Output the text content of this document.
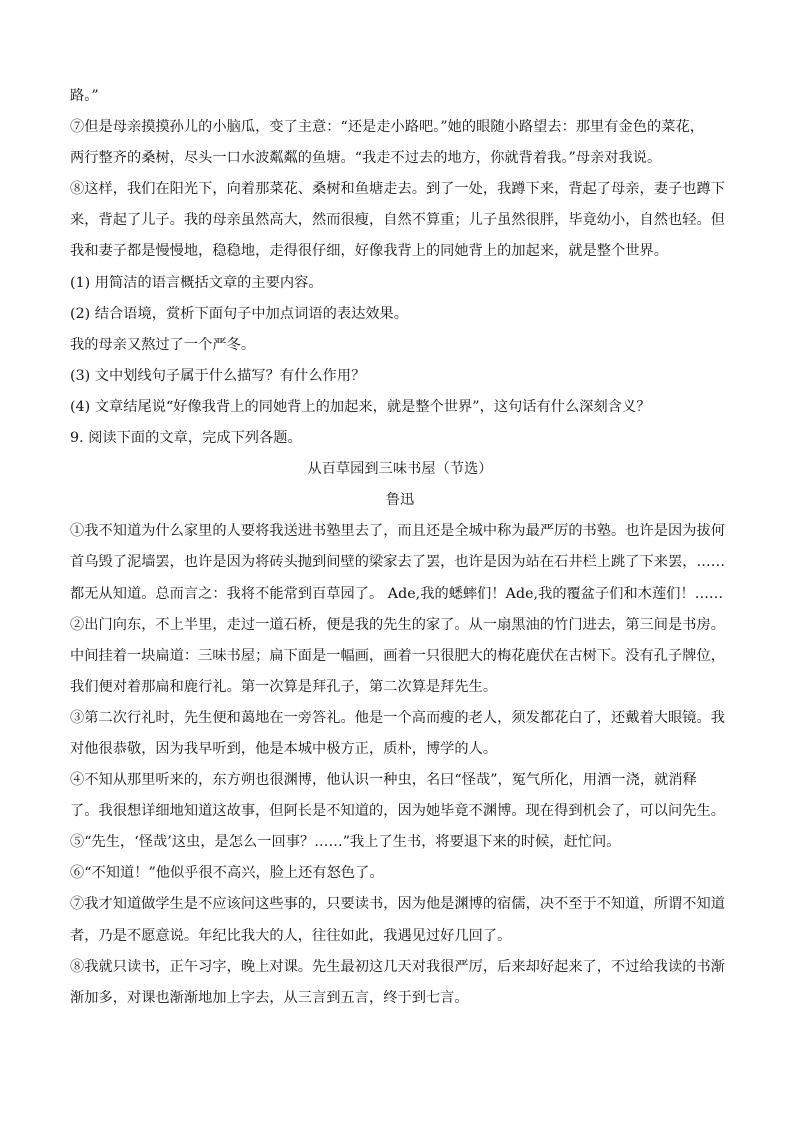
路。”
⑦但是母亲摸摸孙儿的小脑瓜，变了主意：“还是走小路吧。”她的眼随小路望去：那里有金色的菜花，
两行整齐的桑树，尽头一口水波粼粼的鱼塘。“我走不过去的地方，你就背着我。”母亲对我说。
⑧这样，我们在阳光下，向着那菜花、桑树和鱼塘走去。到了一处，我蹲下来，背起了母亲，妻子也蹲下
来，背起了儿子。我的母亲虽然高大，然而很瘦，自然不算重；儿子虽然很胖，毕竟幼小，自然也轻。但
我和妻子都是慢慢地，稳稳地，走得很仔细，好像我背上的同她背上的加起来，就是整个世界。
(1) 用简洁的语言概括文章的主要内容。
(2) 结合语境，赏析下面句子中加点词语的表达效果。
我的母亲又熬过了一个严冬。
(3) 文中划线句子属于什么描写？有什么作用？
(4) 文章结尾说“好像我背上的同她背上的加起来，就是整个世界”，这句话有什么深刻含义？
9. 阅读下面的文章，完成下列各题。
从百草园到三味书屋（节选）
鲁迅
①我不知道为什么家里的人要将我送进书塾里去了，而且还是全城中称为最严厉的书塾。也许是因为拔何
首乌毁了泥墙罢，也许是因为将砖头抛到间壁的梁家去了罢，也许是因为站在石井栏上跳了下来罢，……
都无从知道。总而言之：我将不能常到百草园了。 Ade,我的蟋蟀们！Ade,我的覆盆子们和木莲们！……
②出门向东，不上半里，走过一道石桥，便是我的先生的家了。从一扇黑油的竹门进去，第三间是书房。
中间挂着一块扁道：三味书屋；扁下面是一幅画，画着一只很肥大的梅花鹿伏在古树下。没有孔子牌位，
我们便对着那扁和鹿行礼。第一次算是拜孔子，第二次算是拜先生。
③第二次行礼时，先生便和蔼地在一旁答礼。他是一个高而瘦的老人，须发都花白了，还戴着大眼镜。我
对他很恭敬，因为我早听到，他是本城中极方正，质朴，博学的人。
④不知从那里听来的，东方朔也很渊博，他认识一种虫，名曰“怪哉”，冤气所化，用酒一浇，就消释
了。我很想详细地知道这故事，但阿长是不知道的，因为她毕竟不渊博。现在得到机会了，可以问先生。
⑤“先生，‘怪哉’这虫，是怎么一回事？……”我上了生书，将要退下来的时候，赶忙问。
⑥“不知道！”他似乎很不高兴，脸上还有怒色了。
⑦我才知道做学生是不应该问这些事的，只要读书，因为他是渊博的宿儒，决不至于不知道，所谓不知道
者，乃是不愿意说。年纪比我大的人，往往如此，我遇见过好几回了。
⑧我就只读书，正午习字，晚上对课。先生最初这几天对我很严厉，后来却好起来了，不过给我读的书渐
渐加多，对课也渐渐地加上字去，从三言到五言，终于到七言。
